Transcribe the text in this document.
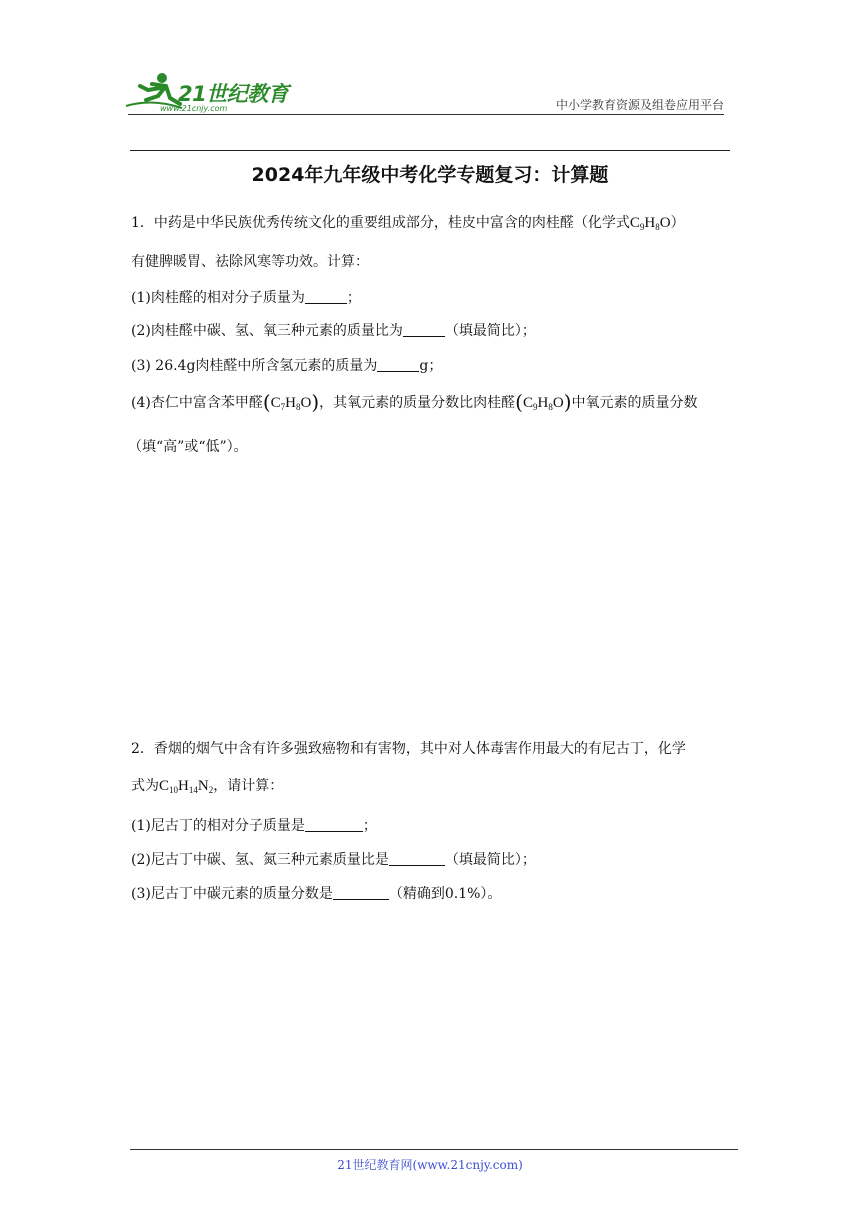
21世纪教育
www.21cnjy.com	中小学教育资源及组卷应用平台
2024年九年级中考化学专题复习：计算题
1．中药是中华民族优秀传统文化的重要组成部分，桂皮中富含的肉桂醛（化学式$C_9H_8O$）
有健脾暖胃、祛除风寒等功效。计算：
(1)肉桂醛的相对分子质量为	；
(2)肉桂醛中碳、氢、氧三种元素的质量比为	（填最简比）；
(3) 26.4g肉桂醛中所含氢元素的质量为	g；
(4)杏仁中富含苯甲醛$(C_7H_8O)$，其氧元素的质量分数比肉桂醛$(C_9H_8O)$中氧元素的质量分数
（填“高”或“低”）。
2．香烟的烟气中含有许多强致癌物和有害物，其中对人体毒害作用最大的有尼古丁，化学
式为$C_{10}H_{14}N_2$，请计算：
(1)尼古丁的相对分子质量是	；
(2)尼古丁中碳、氢、氮三种元素质量比是	（填最简比）；
(3)尼古丁中碳元素的质量分数是	（精确到0.1%）。
21世纪教育网(www.21cnjy.com)
